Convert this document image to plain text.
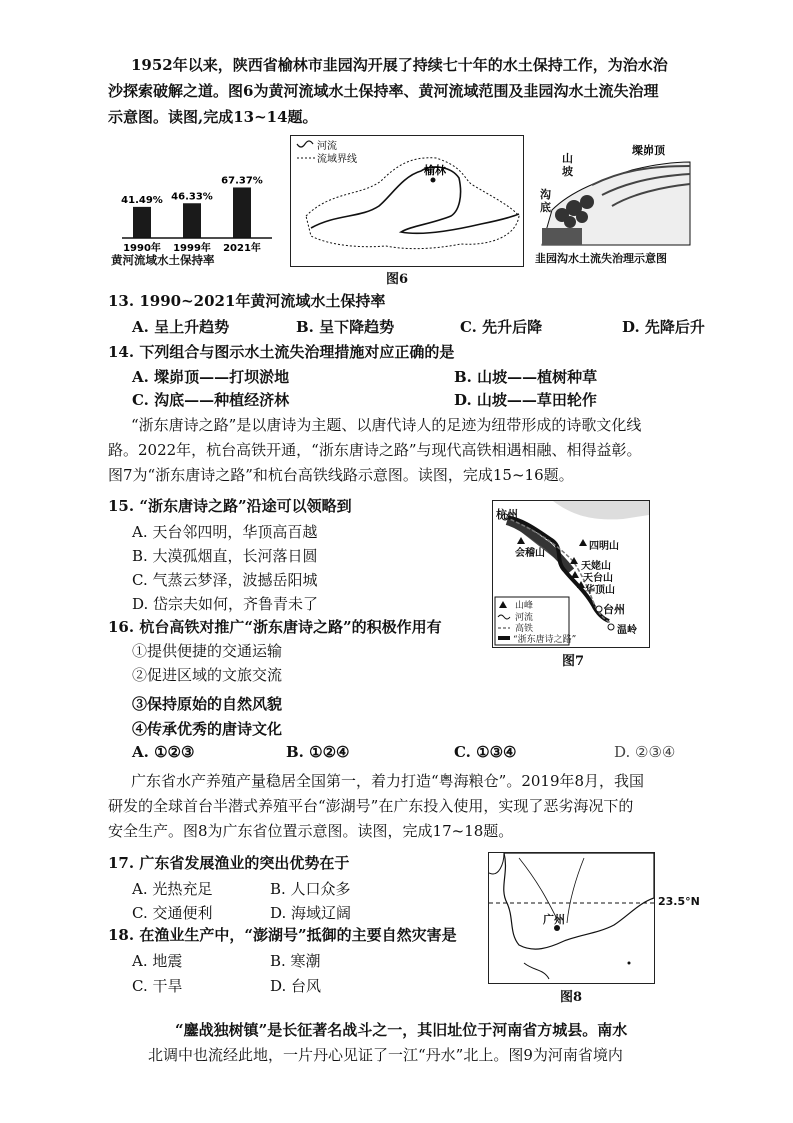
1952年以来，陕西省榆林市韭园沟开展了持续七十年的水土保持工作，为治水治
沙探索破解之道。图6为黄河流域水土保持率、黄河流域范围及韭园沟水土流失治理
示意图。读图,完成13~14题。
41.49%
1990年
46.33%
1999年
67.37%
2021年
黄河流域水土保持率
河流
流域界线
榆林
图6
墚峁顶
山坡
沟底
韭园沟水土流失治理示意图
13. 1990~2021年黄河流域水土保持率
A. 呈上升趋势	B. 呈下降趋势	C. 先升后降	D. 先降后升
14. 下列组合与图示水土流失治理措施对应正确的是
A. 墚峁顶——打坝淤地	B. 山坡——植树种草
C. 沟底——种植经济林	D. 山坡——草田轮作
“浙东唐诗之路”是以唐诗为主题、以唐代诗人的足迹为纽带形成的诗歌文化线
路。2022年，杭台高铁开通，“浙东唐诗之路”与现代高铁相遇相融、相得益彰。
图7为“浙东唐诗之路”和杭台高铁线路示意图。读图，完成15~16题。
15. “浙东唐诗之路”沿途可以领略到
A. 天台邻四明，华顶高百越
B. 大漠孤烟直，长河落日圆
C. 气蒸云梦泽，波撼岳阳城
D. 岱宗夫如何，齐鲁青未了
16. 杭台高铁对推广“浙东唐诗之路”的积极作用有
①提供便捷的交通运输
②促进区域的文旅交流
③保持原始的自然风貌
④传承优秀的唐诗文化
A. ①②③	B. ①②④	C. ①③④	D. ②③④
杭州
台州
温岭
会稽山
四明山
天姥山
天台山
华顶山
山峰
河流
高铁
“浙东唐诗之路”
图7
广东省水产养殖产量稳居全国第一，着力打造“粤海粮仓”。2019年8月，我国
研发的全球首台半潜式养殖平台“澎湖号”在广东投入使用，实现了恶劣海况下的
安全生产。图8为广东省位置示意图。读图，完成17~18题。
17. 广东省发展渔业的突出优势在于
A. 光热充足	B. 人口众多
C. 交通便利	D. 海域辽阔
18. 在渔业生产中，“澎湖号”抵御的主要自然灾害是
A. 地震	B. 寒潮
C. 干旱	D. 台风
广州
23.5°N
图8
“鏖战独树镇”是长征著名战斗之一，其旧址位于河南省方城县。南水
北调中也流经此地，一片丹心见证了一江“丹水”北上。图9为河南省境内
